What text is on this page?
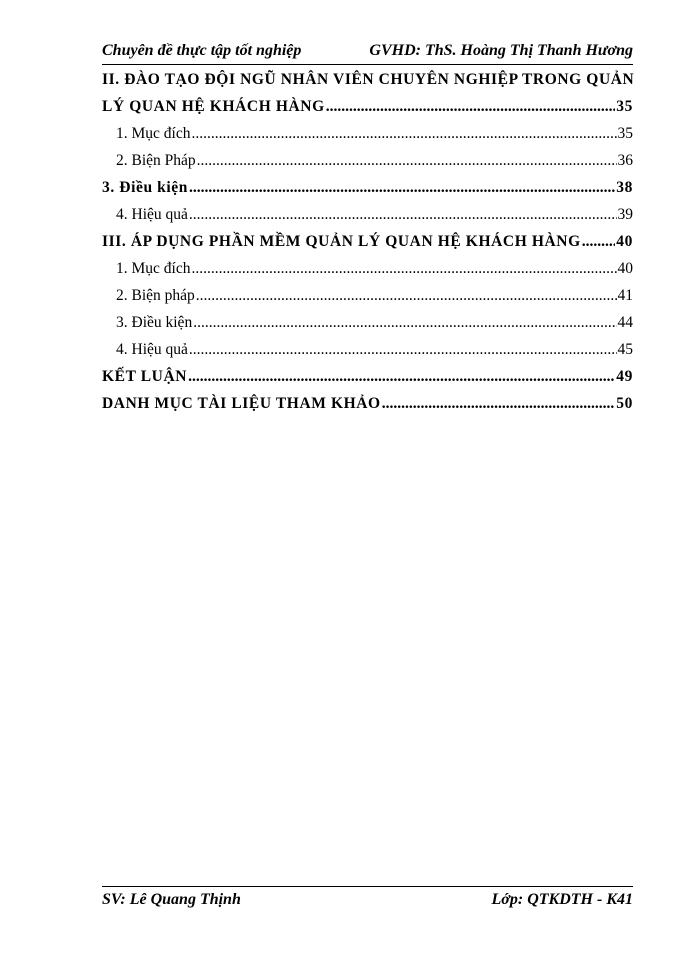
Chuyên đề thực tập tốt nghiệp	GVHD: ThS. Hoàng Thị Thanh Hương
II. ĐÀO TẠO ĐỘI NGŨ NHÂN VIÊN CHUYÊN NGHIỆP TRONG QUẢN
LÝ QUAN HỆ KHÁCH HÀNG .....	35
1. Mục đích .....	35
2. Biện Pháp .....	36
3. Điều kiện .....	38
4. Hiệu quả .....	39
III. ÁP DỤNG PHẦN MỀM QUẢN LÝ QUAN HỆ KHÁCH HÀNG ..... 40
1. Mục đích .....	40
2. Biện pháp .....	41
3. Điều kiện .....	44
4. Hiệu quả .....	45
KẾT LUẬN .....	49
DANH MỤC TÀI LIỆU THAM KHẢO .....	50
SV: Lê Quang Thịnh	Lớp: QTKDTH - K41
